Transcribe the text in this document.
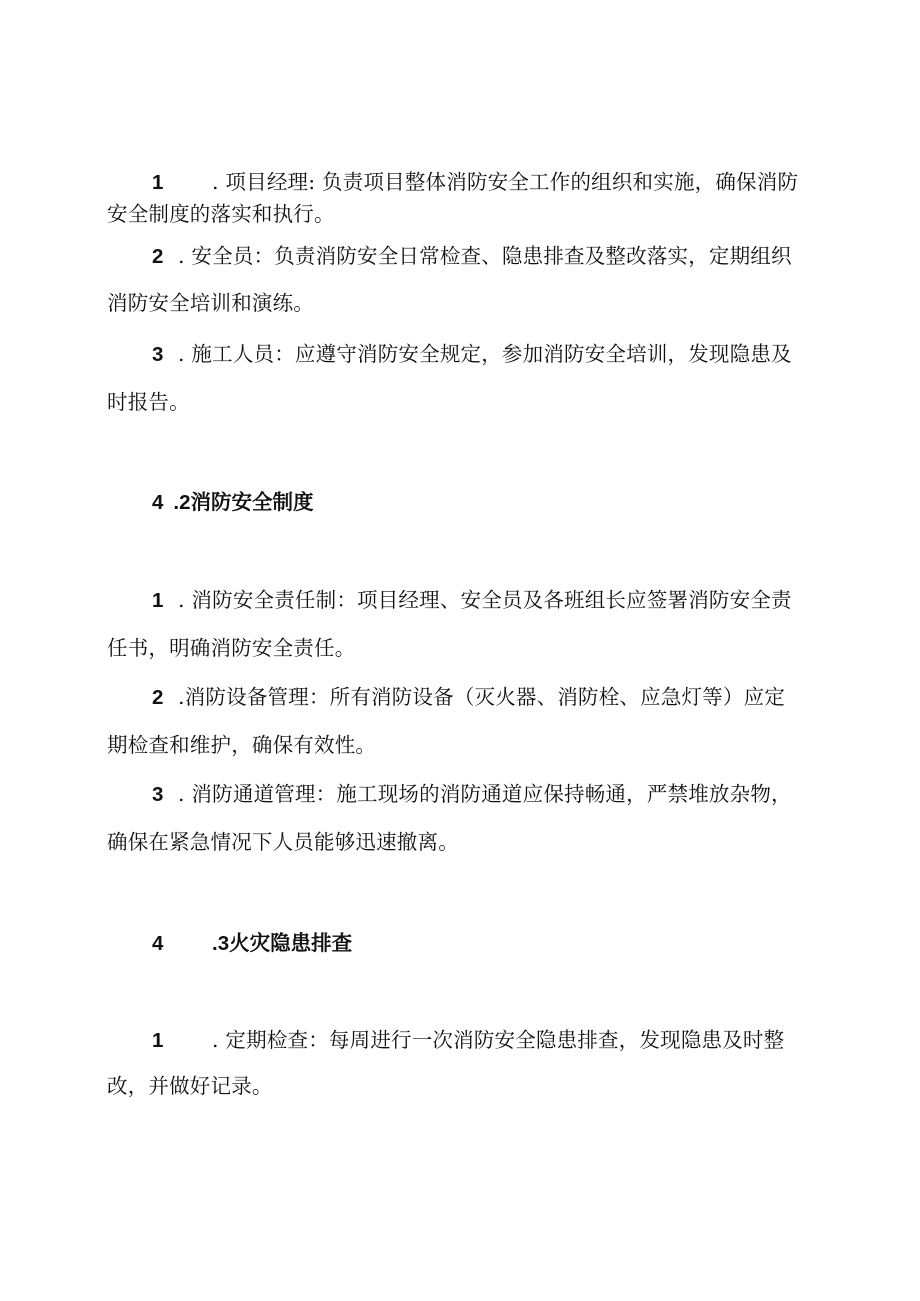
1 . 项目经理: 负责项目整体消防安全工作的组织和实施，确保消防

安全制度的落实和执行。

2 . 安全员：负责消防安全日常检查、隐患排查及整改落实，定期组织

消防安全培训和演练。

3 . 施工人员：应遵守消防安全规定，参加消防安全培训，发现隐患及

时报告。

4 .2消防安全制度

1 . 消防安全责任制：项目经理、安全员及各班组长应签署消防安全责

任书，明确消防安全责任。

2 .消防设备管理：所有消防设备（灭火器、消防栓、应急灯等）应定

期检查和维护，确保有效性。

3 . 消防通道管理：施工现场的消防通道应保持畅通，严禁堆放杂物，

确保在紧急情况下人员能够迅速撤离。

4 .3火灾隐患排查

1 . 定期检查：每周进行一次消防安全隐患排查，发现隐患及时整

改，并做好记录。
